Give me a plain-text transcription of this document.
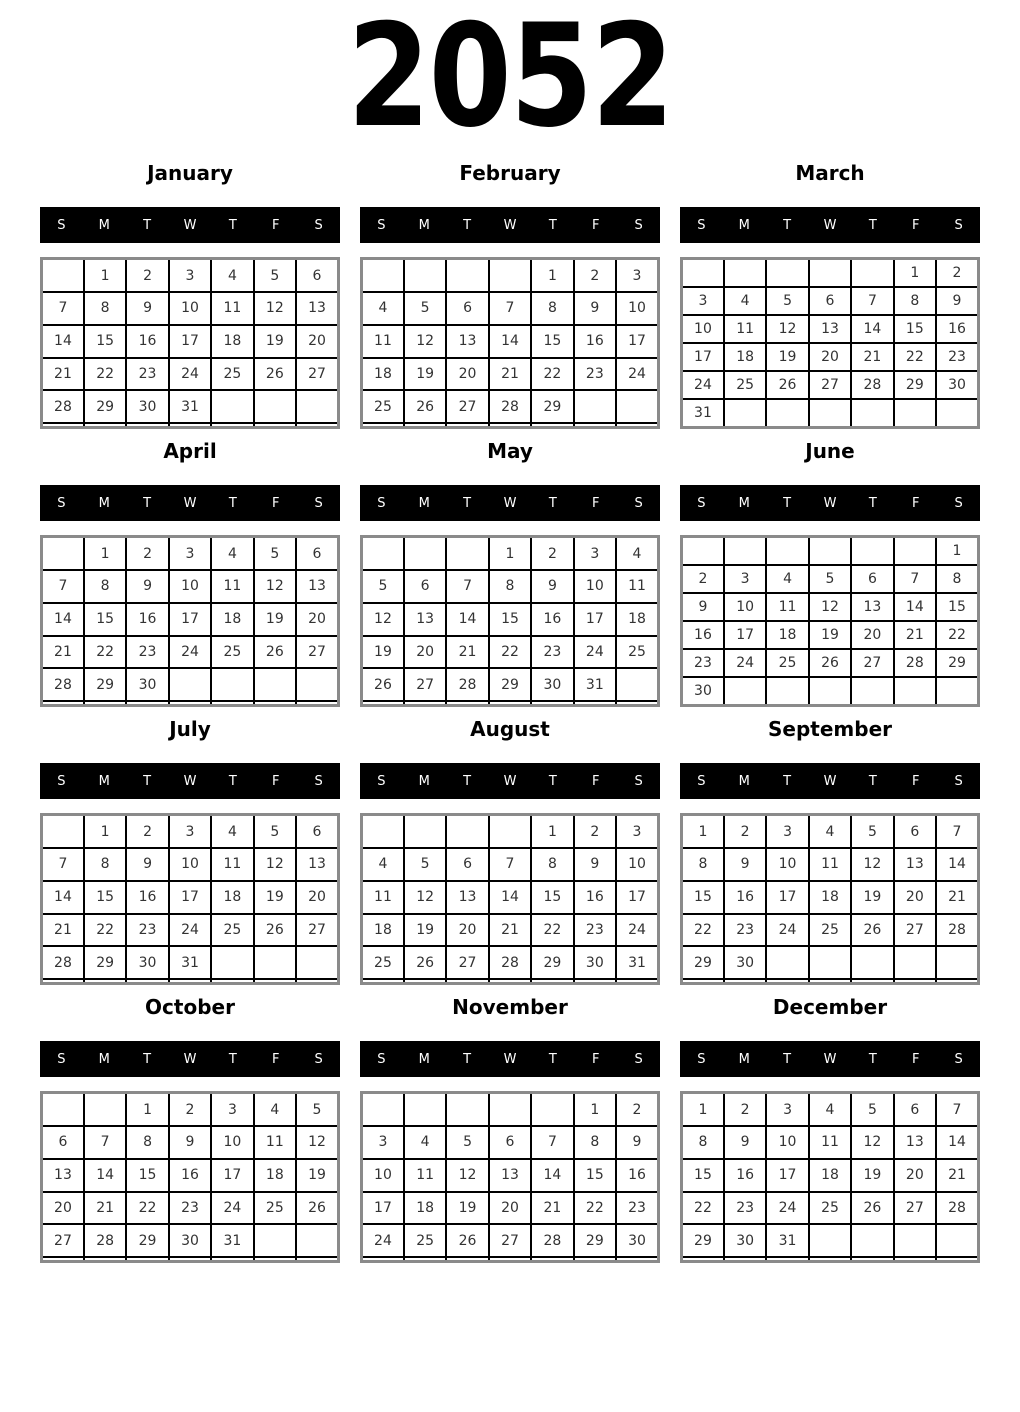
2052
January
S	M	T	W	T	F	S
	1	2	3	4	5	6
7	8	9	10	11	12	13
14	15	16	17	18	19	20
21	22	23	24	25	26	27
28	29	30	31			

February
S	M	T	W	T	F	S
				1	2	3
4	5	6	7	8	9	10
11	12	13	14	15	16	17
18	19	20	21	22	23	24
25	26	27	28	29		

March
S	M	T	W	T	F	S
					1	2
3	4	5	6	7	8	9
10	11	12	13	14	15	16
17	18	19	20	21	22	23
24	25	26	27	28	29	30
31						
April
S	M	T	W	T	F	S
	1	2	3	4	5	6
7	8	9	10	11	12	13
14	15	16	17	18	19	20
21	22	23	24	25	26	27
28	29	30				

May
S	M	T	W	T	F	S
			1	2	3	4
5	6	7	8	9	10	11
12	13	14	15	16	17	18
19	20	21	22	23	24	25
26	27	28	29	30	31	

June
S	M	T	W	T	F	S
						1
2	3	4	5	6	7	8
9	10	11	12	13	14	15
16	17	18	19	20	21	22
23	24	25	26	27	28	29
30						
July
S	M	T	W	T	F	S
	1	2	3	4	5	6
7	8	9	10	11	12	13
14	15	16	17	18	19	20
21	22	23	24	25	26	27
28	29	30	31			

August
S	M	T	W	T	F	S
				1	2	3
4	5	6	7	8	9	10
11	12	13	14	15	16	17
18	19	20	21	22	23	24
25	26	27	28	29	30	31

September
S	M	T	W	T	F	S
1	2	3	4	5	6	7
8	9	10	11	12	13	14
15	16	17	18	19	20	21
22	23	24	25	26	27	28
29	30					

October
S	M	T	W	T	F	S
		1	2	3	4	5
6	7	8	9	10	11	12
13	14	15	16	17	18	19
20	21	22	23	24	25	26
27	28	29	30	31		

November
S	M	T	W	T	F	S
					1	2
3	4	5	6	7	8	9
10	11	12	13	14	15	16
17	18	19	20	21	22	23
24	25	26	27	28	29	30

December
S	M	T	W	T	F	S
1	2	3	4	5	6	7
8	9	10	11	12	13	14
15	16	17	18	19	20	21
22	23	24	25	26	27	28
29	30	31				
